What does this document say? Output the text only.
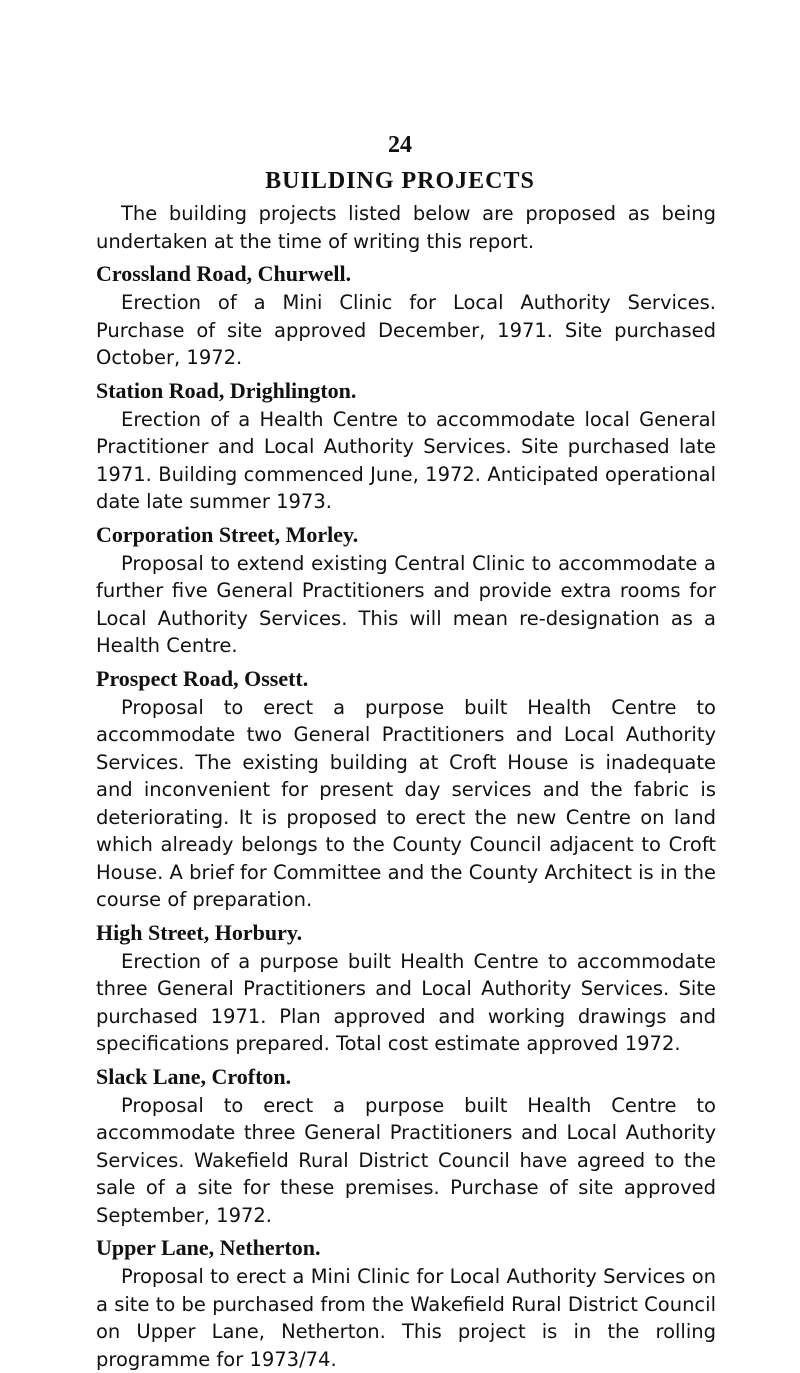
24
BUILDING PROJECTS

The building projects listed below are proposed as being undertaken at the time of writing this report.

Crossland Road, Churwell.

Erection of a Mini Clinic for Local Authority Services. Purchase of site approved December, 1971. Site purchased October, 1972.

Station Road, Drighlington.

Erection of a Health Centre to accommodate local General Practitioner and Local Authority Services. Site purchased late 1971. Building commenced June, 1972. Anticipated operational date late summer 1973.

Corporation Street, Morley.

Proposal to extend existing Central Clinic to accommodate a further five General Practitioners and provide extra rooms for Local Authority Services. This will mean re-designation as a Health Centre.

Prospect Road, Ossett.

Proposal to erect a purpose built Health Centre to accommodate two General Practitioners and Local Authority Services. The existing building at Croft House is inadequate and inconvenient for present day services and the fabric is deteriorating. It is proposed to erect the new Centre on land which already belongs to the County Council adjacent to Croft House. A brief for Committee and the County Architect is in the course of preparation.

High Street, Horbury.

Erection of a purpose built Health Centre to accommodate three General Practitioners and Local Authority Services. Site purchased 1971. Plan approved and working drawings and specifications prepared. Total cost estimate approved 1972.

Slack Lane, Crofton.

Proposal to erect a purpose built Health Centre to accommodate three General Practitioners and Local Authority Services. Wakefield Rural District Council have agreed to the sale of a site for these premises. Purchase of site approved September, 1972.

Upper Lane, Netherton.

Proposal to erect a Mini Clinic for Local Authority Services on a site to be purchased from the Wakefield Rural District Council on Upper Lane, Netherton. This project is in the rolling programme for 1973/74.
